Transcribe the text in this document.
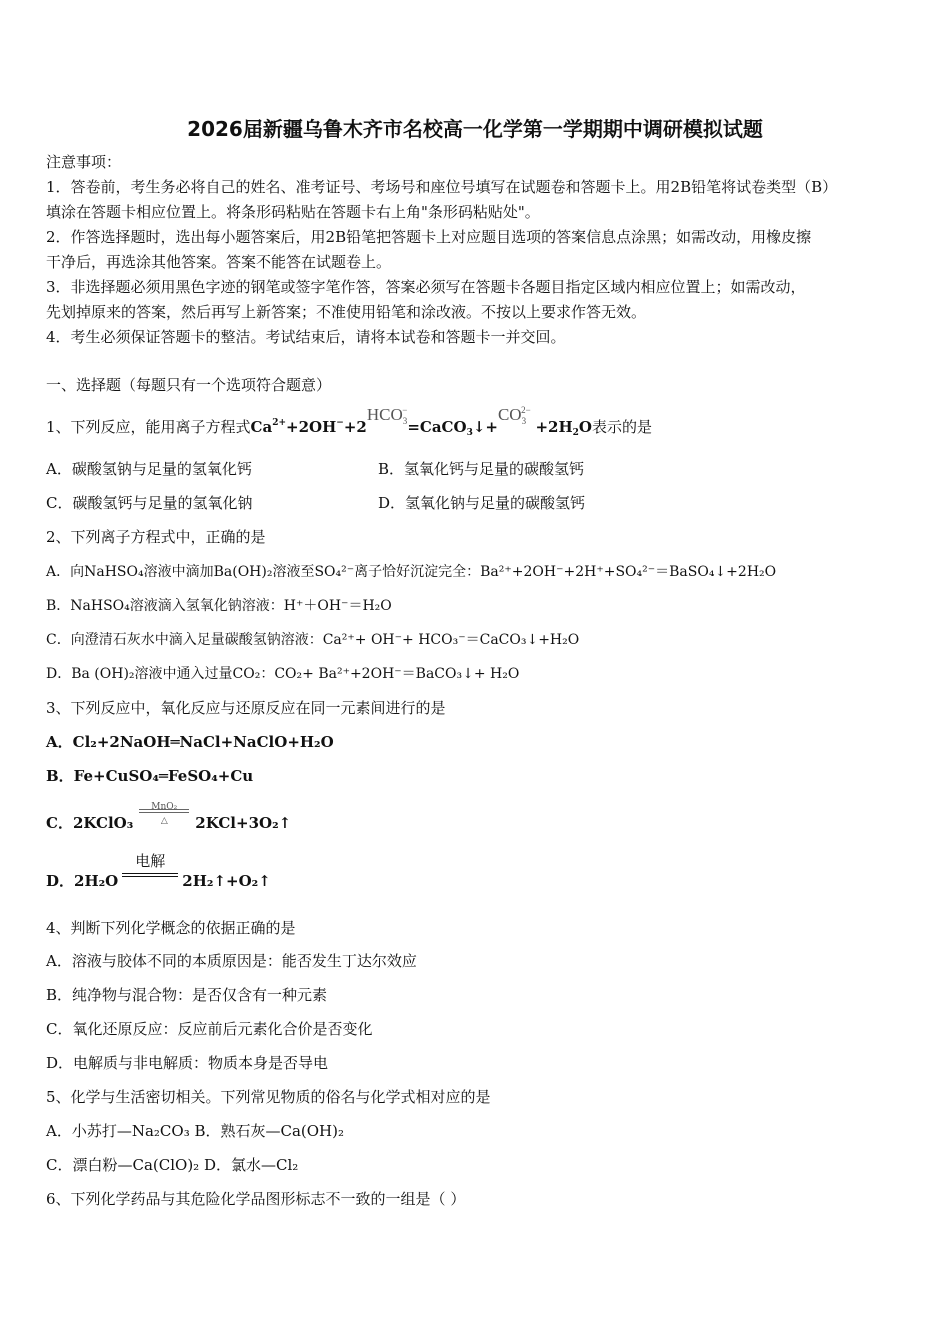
2026届新疆乌鲁木齐市名校高一化学第一学期期中调研模拟试题
注意事项：
1．答卷前，考生务必将自己的姓名、准考证号、考场号和座位号填写在试题卷和答题卡上。用2B铅笔将试卷类型（B）
填涂在答题卡相应位置上。将条形码粘贴在答题卡右上角"条形码粘贴处"。
2．作答选择题时，选出每小题答案后，用2B铅笔把答题卡上对应题目选项的答案信息点涂黑；如需改动，用橡皮擦
干净后，再选涂其他答案。答案不能答在试题卷上。
3．非选择题必须用黑色字迹的钢笔或签字笔作答，答案必须写在答题卡各题目指定区域内相应位置上；如需改动，
先划掉原来的答案，然后再写上新答案；不准使用铅笔和涂改液。不按以上要求作答无效。
4．考生必须保证答题卡的整洁。考试结束后，请将本试卷和答题卡一并交回。
一、选择题（每题只有一个选项符合题意）
1、下列反应，能用离子方程式$Ca^{2+}+2OH^-+2HCO_3^-=CaCO_3↓+CO_3^{2-} +2H_2O$表示的是
A．碳酸氢钠与足量的氢氧化钙	B．氢氧化钙与足量的碳酸氢钙
C．碳酸氢钙与足量的氢氧化钠	D．氢氧化钠与足量的碳酸氢钙
2、下列离子方程式中，正确的是
A．向NaHSO₄溶液中滴加Ba(OH)₂溶液至SO₄²⁻离子恰好沉淀完全：Ba²⁺+2OH⁻+2H⁺+SO₄²⁻＝BaSO₄↓+2H₂O
B．NaHSO₄溶液滴入氢氧化钠溶液：H⁺＋OH⁻＝H₂O
C．向澄清石灰水中滴入足量碳酸氢钠溶液：Ca²⁺+ OH⁻+ HCO₃⁻＝CaCO₃↓+H₂O
D．Ba (OH)₂溶液中通入过量CO₂：CO₂+ Ba²⁺+2OH⁻＝BaCO₃↓+ H₂O
3、下列反应中，氧化反应与还原反应在同一元素间进行的是
A．Cl₂+2NaOH═NaCl+NaClO+H₂O
B．Fe+CuSO₄═FeSO₄+Cu
C．2KClO₃
MnO₂
△	2KCl+3O₂↑
D．2H₂O
电解
2H₂↑+O₂↑
4、判断下列化学概念的依据正确的是
A．溶液与胶体不同的本质原因是：能否发生丁达尔效应
B．纯净物与混合物：是否仅含有一种元素
C．氧化还原反应：反应前后元素化合价是否变化
D．电解质与非电解质：物质本身是否导电
5、化学与生活密切相关。下列常见物质的俗名与化学式相对应的是
A．小苏打—Na₂CO₃ B．熟石灰—Ca(OH)₂
C．漂白粉—Ca(ClO)₂ D．氯水—Cl₂
6、下列化学药品与其危险化学品图形标志不一致的一组是（ ）
